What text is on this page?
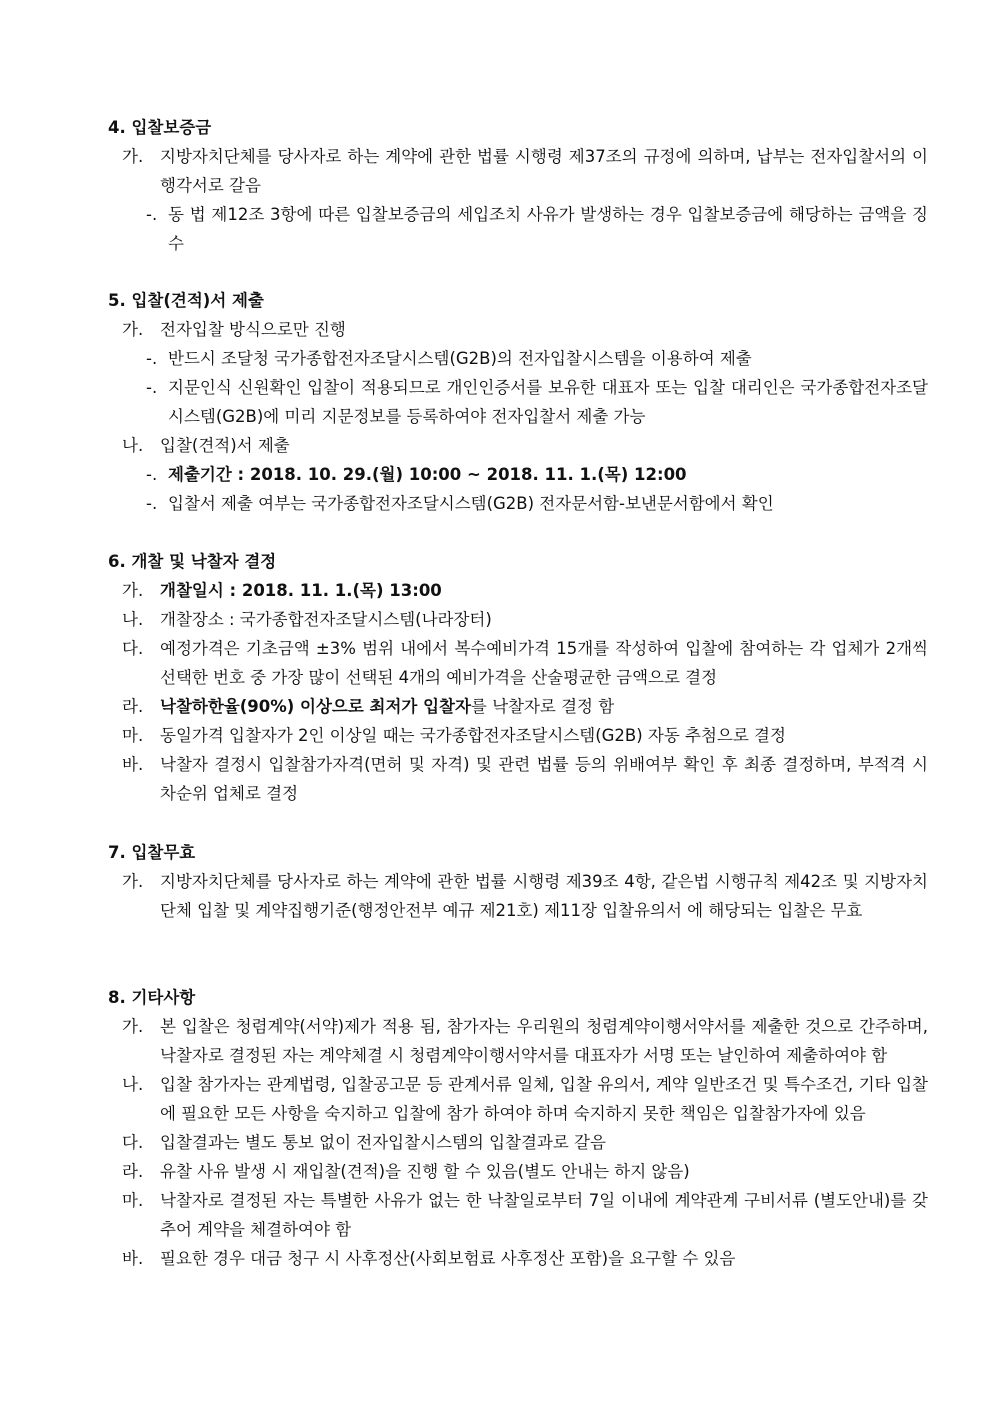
4. 입찰보증금
가. 지방자치단체를 당사자로 하는 계약에 관한 법률 시행령 제37조의 규정에 의하며, 납부는 전자입찰서의 이행각서로 갈음
-. 동 법 제12조 3항에 따른 입찰보증금의 세입조치 사유가 발생하는 경우 입찰보증금에 해당하는 금액을 징수
5. 입찰(견적)서 제출
가. 전자입찰 방식으로만 진행
-. 반드시 조달청 국가종합전자조달시스템(G2B)의 전자입찰시스템을 이용하여 제출
-. 지문인식 신원확인 입찰이 적용되므로 개인인증서를 보유한 대표자 또는 입찰 대리인은 국가종합전자조달시스템(G2B)에 미리 지문정보를 등록하여야 전자입찰서 제출 가능
나. 입찰(견적)서 제출
-. 제출기간 : 2018. 10. 29.(월) 10:00 ~ 2018. 11. 1.(목) 12:00
-. 입찰서 제출 여부는 국가종합전자조달시스템(G2B) 전자문서함-보낸문서함에서 확인
6. 개찰 및 낙찰자 결정
가. 개찰일시 : 2018. 11. 1.(목) 13:00
나. 개찰장소 : 국가종합전자조달시스템(나라장터)
다. 예정가격은 기초금액 ±3% 범위 내에서 복수예비가격 15개를 작성하여 입찰에 참여하는 각 업체가 2개씩 선택한 번호 중 가장 많이 선택된 4개의 예비가격을 산술평균한 금액으로 결정
라. 낙찰하한율(90%) 이상으로 최저가 입찰자를 낙찰자로 결정 함
마. 동일가격 입찰자가 2인 이상일 때는 국가종합전자조달시스템(G2B) 자동 추첨으로 결정
바. 낙찰자 결정시 입찰참가자격(면허 및 자격) 및 관련 법률 등의 위배여부 확인 후 최종 결정하며, 부적격 시 차순위 업체로 결정
7. 입찰무효
가. 지방자치단체를 당사자로 하는 계약에 관한 법률 시행령 제39조 4항, 같은법 시행규칙 제42조 및 지방자치단체 입찰 및 계약집행기준(행정안전부 예규 제21호) 제11장 입찰유의서 에 해당되는 입찰은 무효
8. 기타사항
가. 본 입찰은 청렴계약(서약)제가 적용 됨, 참가자는 우리원의 청렴계약이행서약서를 제출한 것으로 간주하며, 낙찰자로 결정된 자는 계약체결 시 청렴계약이행서약서를 대표자가 서명 또는 날인하여 제출하여야 함
나. 입찰 참가자는 관계법령, 입찰공고문 등 관계서류 일체, 입찰 유의서, 계약 일반조건 및 특수조건, 기타 입찰에 필요한 모든 사항을 숙지하고 입찰에 참가 하여야 하며 숙지하지 못한 책임은 입찰참가자에 있음
다. 입찰결과는 별도 통보 없이 전자입찰시스템의 입찰결과로 갈음
라. 유찰 사유 발생 시 재입찰(견적)을 진행 할 수 있음(별도 안내는 하지 않음)
마. 낙찰자로 결정된 자는 특별한 사유가 없는 한 낙찰일로부터 7일 이내에 계약관계 구비서류 (별도안내)를 갖추어 계약을 체결하여야 함
바. 필요한 경우 대금 청구 시 사후정산(사회보험료 사후정산 포함)을 요구할 수 있음
